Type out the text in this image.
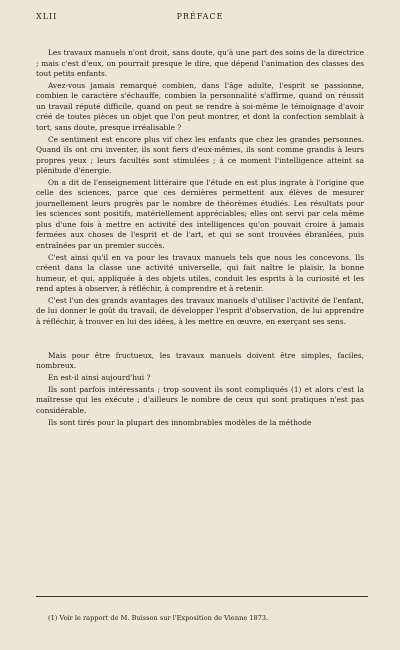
XLII	PRÉFACE

Les travaux manuels n'ont droit, sans doute, qu'à une part des soins de la directrice ; mais c'est d'eux, on pourrait presque le dire, que dépend l'animation des classes des tout petits enfants.

Avez-vous jamais remarqué combien, dans l'âge adulte, l'esprit se passionne, combien le caractère s'échauffe, combien la personnalité s'affirme, quand on réussit un travail réputé difficile, quand on peut se rendre à soi-même le témoignage d'avoir créé de toutes pièces un objet que l'on peut montrer, et dont la confection semblait à tort, sans doute, presque irréalisable ?

Ce sentiment est encore plus vif chez les enfants que chez les grandes personnes. Quand ils ont cru inventer, ils sont fiers d'eux-mêmes, ils sont comme grandis à leurs propres yeux ; leurs facultés sont stimulées ; à ce moment l'intelligence atteint sa plénitude d'énergie.

On a dit de l'enseignement littéraire que l'étude en est plus ingrate à l'origine que celle des sciences, parce que ces dernières permettent aux élèves de mesurer journellement leurs progrès par le nombre de théorèmes étudiés. Les résultats pour les sciences sont positifs, matériellement appréciables; elles ont servi par cela même plus d'une fois à mettre en activité des intelligences qu'on pouvait croire à jamais fermées aux choses de l'esprit et de l'art, et qui se sont trouvées ébranlées, puis entraînées par un premier succès.

C'est ainsi qu'il en va pour les travaux manuels tels que nous les concevons. Ils créent dans la classe une activité universelle, qui fait naître le plaisir, la bonne humeur, et qui, appliquée à des objets utiles, conduit les esprits à la curiosité et les rend aptes à observer, à réfléchir, à comprendre et à retenir.

C'est l'un des grands avantages des travaux manuels d'utiliser l'activité de l'enfant, de lui donner le goût du travail, de développer l'esprit d'observation, de lui apprendre à réfléchir, à trouver en lui des idées, à les mettre en œuvre, en exerçant ses sens.

Mais pour être fructueux, les travaux manuels doivent être simples, faciles, nombreux.

En est-il ainsi aujourd'hui ?

Ils sont parfois intéressants ; trop souvent ils sont compliqués (1) et alors c'est la maîtresse qui les exécute ; d'ailleurs le nombre de ceux qui sont pratiques n'est pas considérable.

Ils sont tirés pour la plupart des innombrables modèles de la méthode

(1) Voir le rapport de M. Buisson sur l'Exposition de Vienne 1873.
